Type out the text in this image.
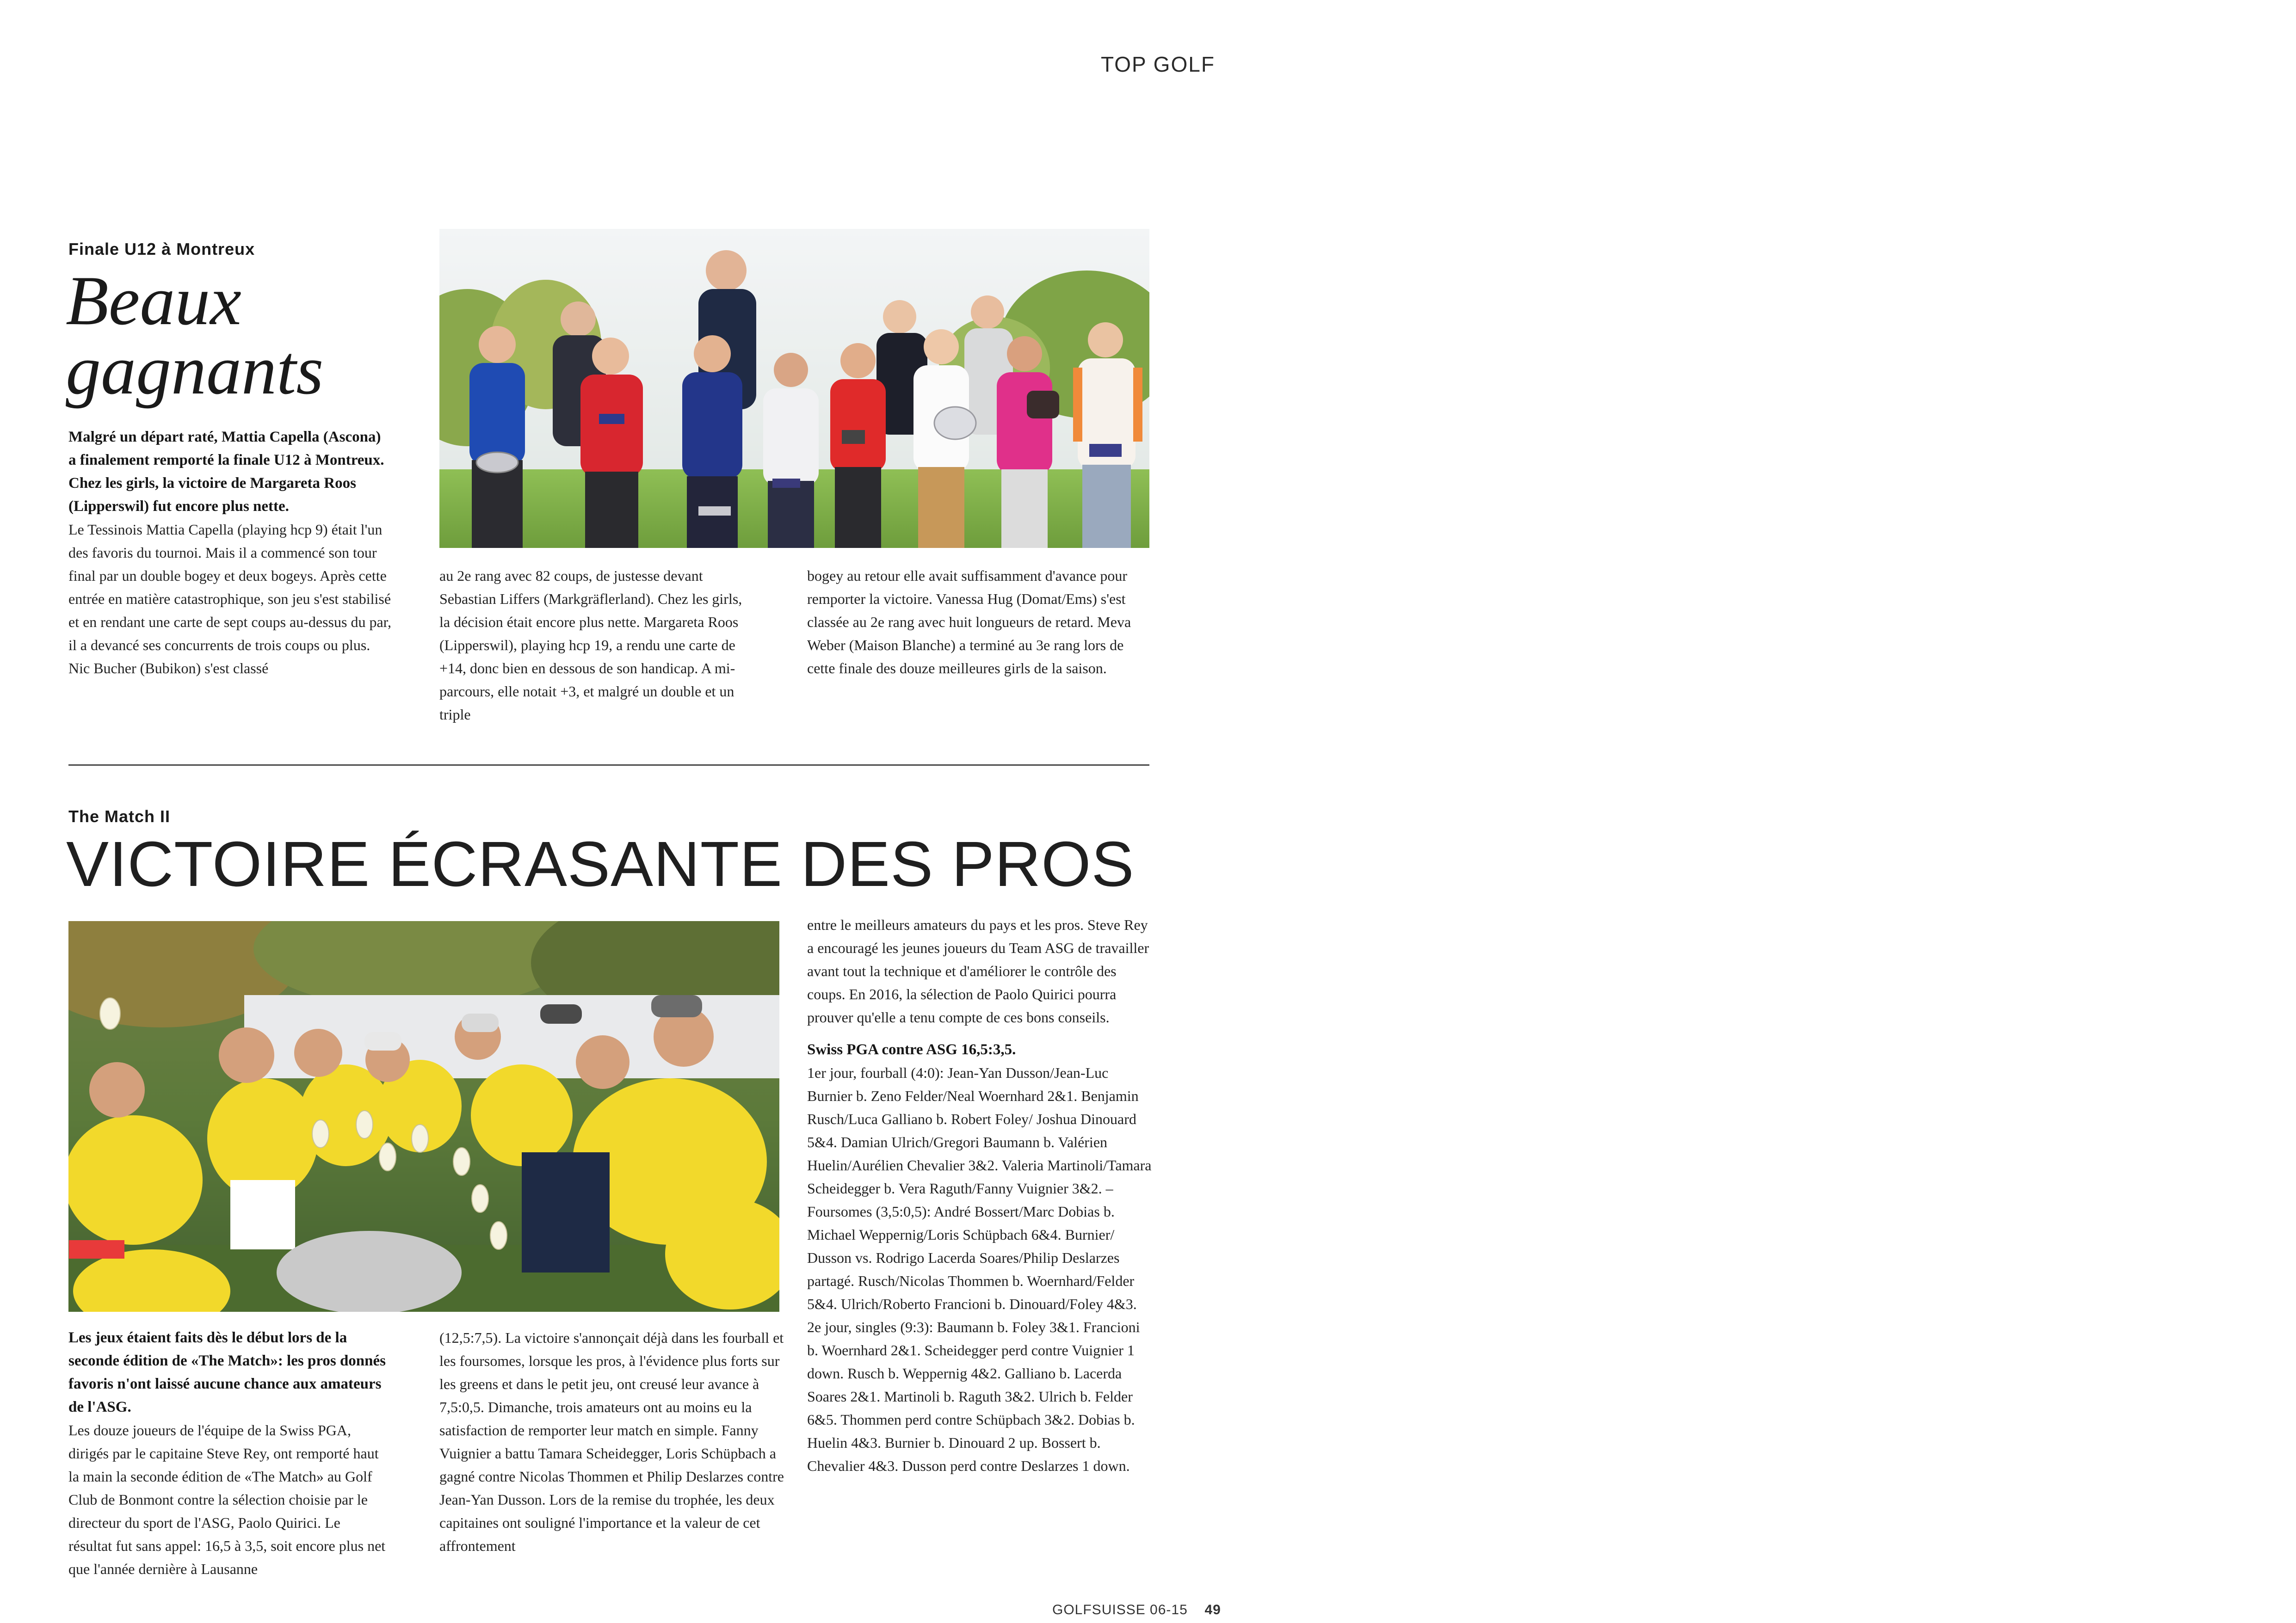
TOP GOLF
Finale U12 à Montreux
Beaux
gagnants

Malgré un départ raté, Mattia Capella (Ascona) a finalement remporté la finale U12 à Montreux. Chez les girls, la victoire de Margareta Roos (Lipperswil) fut encore plus nette.

Le Tessinois Mattia Capella (playing hcp 9) était l'un des favoris du tournoi. Mais il a commencé son tour final par un double bogey et deux bogeys. Après cette entrée en matière catastrophique, son jeu s'est stabilisé et en rendant une carte de sept coups au-dessus du par, il a devancé ses concurrents de trois coups ou plus. Nic Bucher (Bubikon) s'est classé

au 2e rang avec 82 coups, de justesse devant Sebastian Liffers (Markgräflerland). Chez les girls, la décision était encore plus nette. Margareta Roos (Lipperswil), playing hcp 19, a rendu une carte de +14, donc bien en dessous de son handicap. A mi-parcours, elle notait +3, et malgré un double et un triple

bogey au retour elle avait suffisamment d'avance pour remporter la victoire. Vanessa Hug (Domat/Ems) s'est classée au 2e rang avec huit longueurs de retard. Meva Weber (Maison Blanche) a terminé au 3e rang lors de cette finale des douze meilleures girls de la saison.

The Match II
VICTOIRE ÉCRASANTE DES PROS

Les jeux étaient faits dès le début lors de la seconde édition de «The Match»: les pros donnés favoris n'ont laissé aucune chance aux amateurs de l'ASG.

Les douze joueurs de l'équipe de la Swiss PGA, dirigés par le capitaine Steve Rey, ont remporté haut la main la seconde édition de «The Match» au Golf Club de Bonmont contre la sélection choisie par le directeur du sport de l'ASG, Paolo Quirici. Le résultat fut sans appel: 16,5 à 3,5, soit encore plus net que l'année dernière à Lausanne

(12,5:7,5). La victoire s'annonçait déjà dans les fourball et les foursomes, lorsque les pros, à l'évidence plus forts sur les greens et dans le petit jeu, ont creusé leur avance à 7,5:0,5. Dimanche, trois amateurs ont au moins eu la satisfaction de remporter leur match en simple. Fanny Vuignier a battu Tamara Scheidegger, Loris Schüpbach a gagné contre Nicolas Thommen et Philip Deslarzes contre Jean-Yan Dusson. Lors de la remise du trophée, les deux capitaines ont souligné l'importance et la valeur de cet affrontement

entre le meilleurs amateurs du pays et les pros. Steve Rey a encouragé les jeunes joueurs du Team ASG de travailler avant tout la technique et d'améliorer le contrôle des coups. En 2016, la sélection de Paolo Quirici pourra prouver qu'elle a tenu compte de ces bons conseils.

Swiss PGA contre ASG 16,5:3,5.

1er jour, fourball (4:0): Jean-Yan Dusson/Jean-Luc Burnier b. Zeno Felder/Neal Woernhard 2&1. Benjamin Rusch/Luca Galliano b. Robert Foley/ Joshua Dinouard 5&4. Damian Ulrich/Gregori Baumann b. Valérien Huelin/Aurélien Chevalier 3&2. Valeria Martinoli/Tamara Scheidegger b. Vera Raguth/Fanny Vuignier 3&2. – Foursomes (3,5:0,5): André Bossert/Marc Dobias b. Michael Weppernig/Loris Schüpbach 6&4. Burnier/ Dusson vs. Rodrigo Lacerda Soares/Philip Deslarzes partagé. Rusch/Nicolas Thommen b. Woernhard/Felder 5&4. Ulrich/Roberto Francioni b. Dinouard/Foley 4&3.

2e jour, singles (9:3): Baumann b. Foley 3&1. Francioni b. Woernhard 2&1. Scheidegger perd contre Vuignier 1 down. Rusch b. Weppernig 4&2. Galliano b. Lacerda Soares 2&1. Martinoli b. Raguth 3&2. Ulrich b. Felder 6&5. Thommen perd contre Schüpbach 3&2. Dobias b. Huelin 4&3. Burnier b. Dinouard 2 up. Bossert b. Chevalier 4&3. Dusson perd contre Deslarzes 1 down.

GOLFSUISSE 06-15 49
